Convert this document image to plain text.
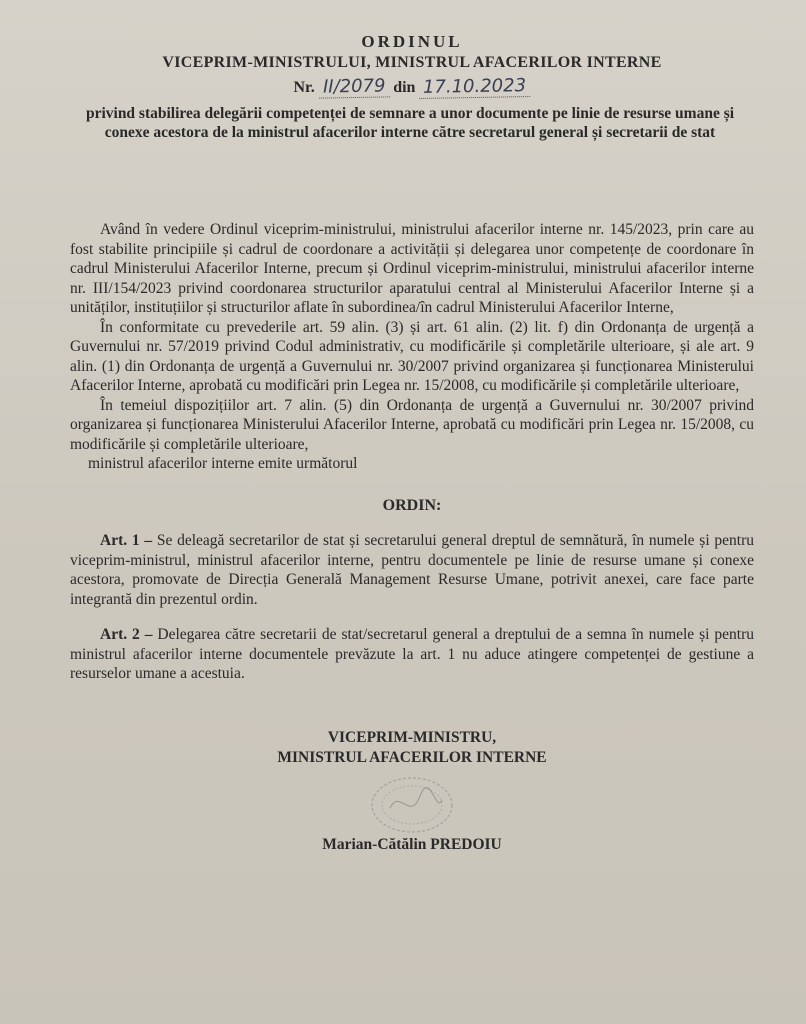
ORDINUL
VICEPRIM-MINISTRULUI, MINISTRUL AFACERILOR INTERNE
Nr. II/2079 din 17.10.2023
privind stabilirea delegării competenței de semnare a unor documente pe linie de resurse umane și conexe acestora de la ministrul afacerilor interne către secretarul general și secretarii de stat

Având în vedere Ordinul viceprim-ministrului, ministrului afacerilor interne nr. 145/2023, prin care au fost stabilite principiile și cadrul de coordonare a activității și delegarea unor competențe de coordonare în cadrul Ministerului Afacerilor Interne, precum și Ordinul viceprim-ministrului, ministrului afacerilor interne nr. III/154/2023 privind coordonarea structurilor aparatului central al Ministerului Afacerilor Interne și a unităților, instituțiilor și structurilor aflate în subordinea/în cadrul Ministerului Afacerilor Interne,

În conformitate cu prevederile art. 59 alin. (3) și art. 61 alin. (2) lit. f) din Ordonanța de urgență a Guvernului nr. 57/2019 privind Codul administrativ, cu modificările și completările ulterioare, și ale art. 9 alin. (1) din Ordonanța de urgență a Guvernului nr. 30/2007 privind organizarea și funcționarea Ministerului Afacerilor Interne, aprobată cu modificări prin Legea nr. 15/2008, cu modificările și completările ulterioare,

În temeiul dispozițiilor art. 7 alin. (5) din Ordonanța de urgență a Guvernului nr. 30/2007 privind organizarea și funcționarea Ministerului Afacerilor Interne, aprobată cu modificări prin Legea nr. 15/2008, cu modificările și completările ulterioare,

ministrul afacerilor interne emite următorul

ORDIN:

Art. 1 – Se deleagă secretarilor de stat și secretarului general dreptul de semnătură, în numele și pentru viceprim-ministrul, ministrul afacerilor interne, pentru documentele pe linie de resurse umane și conexe acestora, promovate de Direcția Generală Management Resurse Umane, potrivit anexei, care face parte integrantă din prezentul ordin.

Art. 2 – Delegarea către secretarii de stat/secretarul general a dreptului de a semna în numele și pentru ministrul afacerilor interne documentele prevăzute la art. 1 nu aduce atingere competenței de gestiune a resurselor umane a acestuia.

VICEPRIM-MINISTRU,
MINISTRUL AFACERILOR INTERNE
Marian-Cătălin PREDOIU
